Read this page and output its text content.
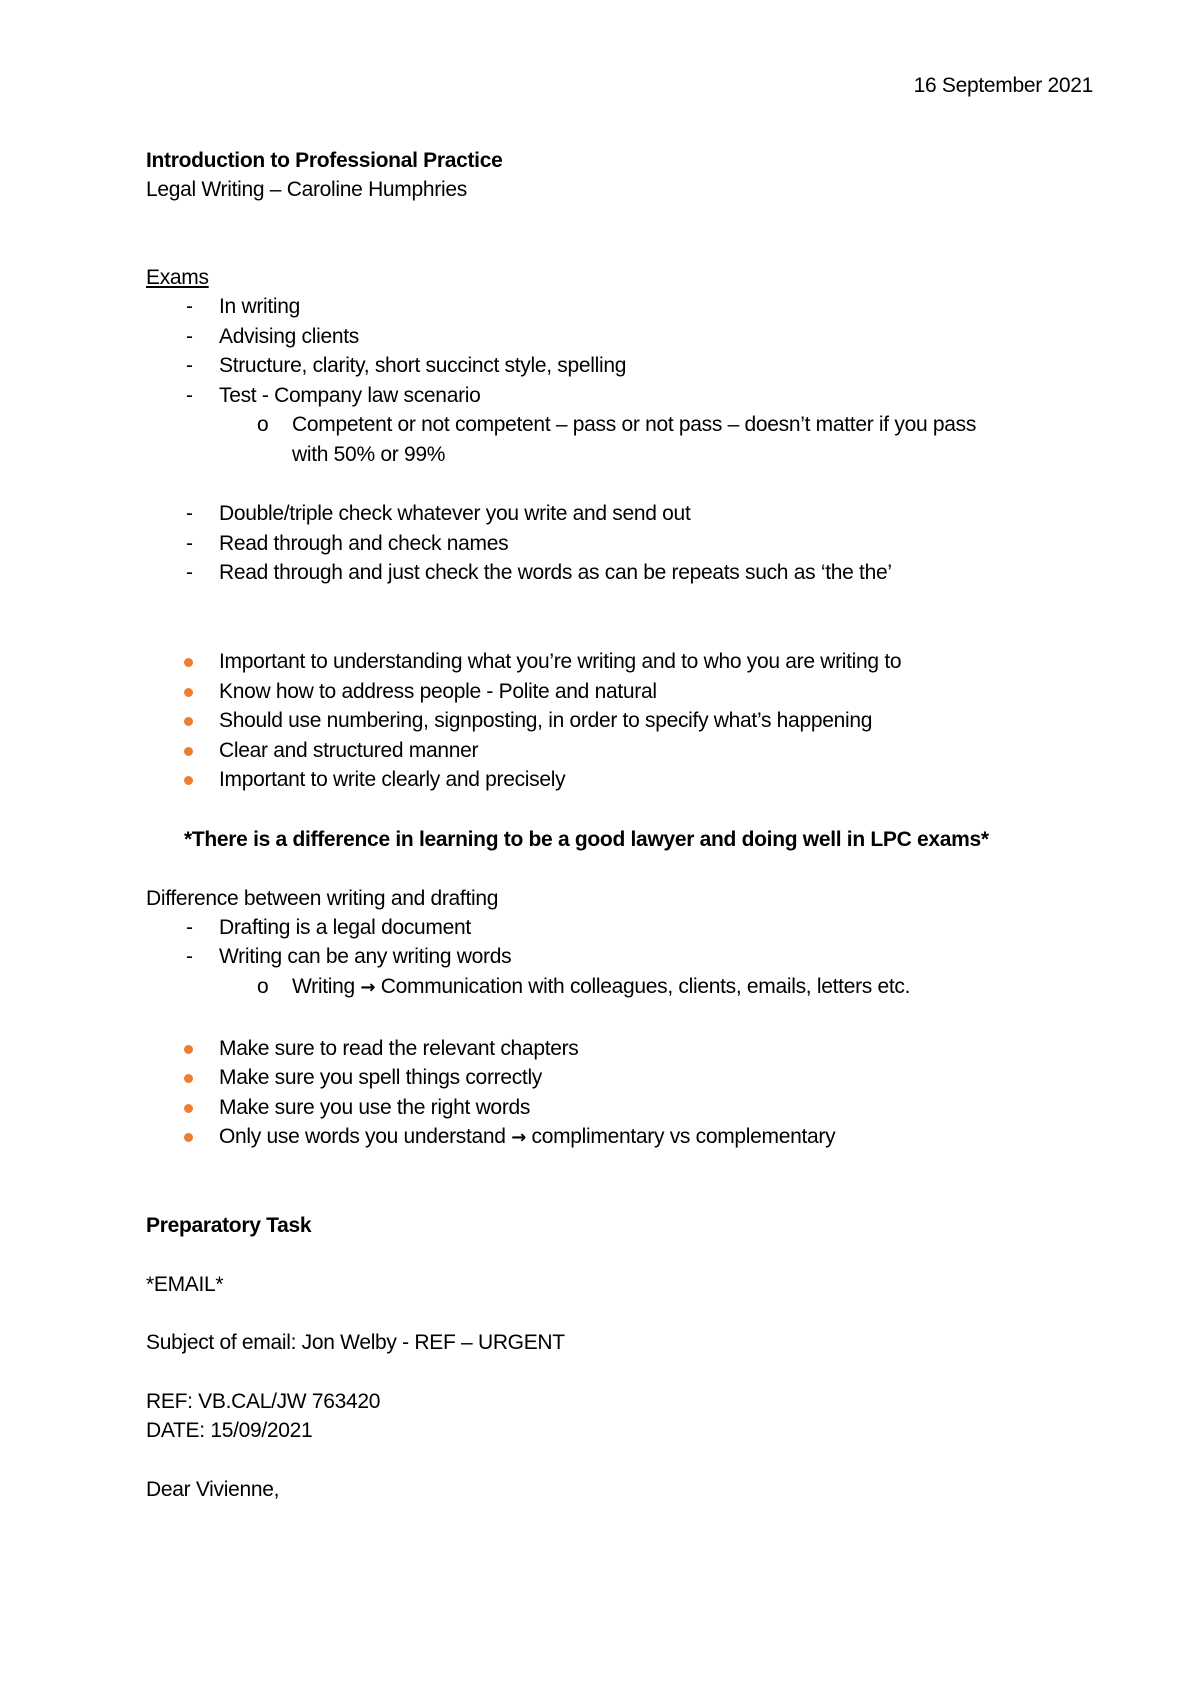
16 September 2021
Introduction to Professional Practice
Legal Writing – Caroline Humphries
Exams
- In writing
- Advising clients
- Structure, clarity, short succinct style, spelling
- Test - Company law scenario
o Competent or not competent – pass or not pass – doesn’t matter if you pass
with 50% or 99%
- Double/triple check whatever you write and send out
- Read through and check names
- Read through and just check the words as can be repeats such as ‘the the’
Important to understanding what you’re writing and to who you are writing to
Know how to address people - Polite and natural
Should use numbering, signposting, in order to specify what’s happening
Clear and structured manner
Important to write clearly and precisely
*There is a difference in learning to be a good lawyer and doing well in LPC exams*
Difference between writing and drafting
- Drafting is a legal document
- Writing can be any writing words
o Writing → Communication with colleagues, clients, emails, letters etc.
Make sure to read the relevant chapters
Make sure you spell things correctly
Make sure you use the right words
Only use words you understand → complimentary vs complementary
Preparatory Task
*EMAIL*
Subject of email: Jon Welby - REF – URGENT
REF: VB.CAL/JW 763420
DATE: 15/09/2021
Dear Vivienne,
